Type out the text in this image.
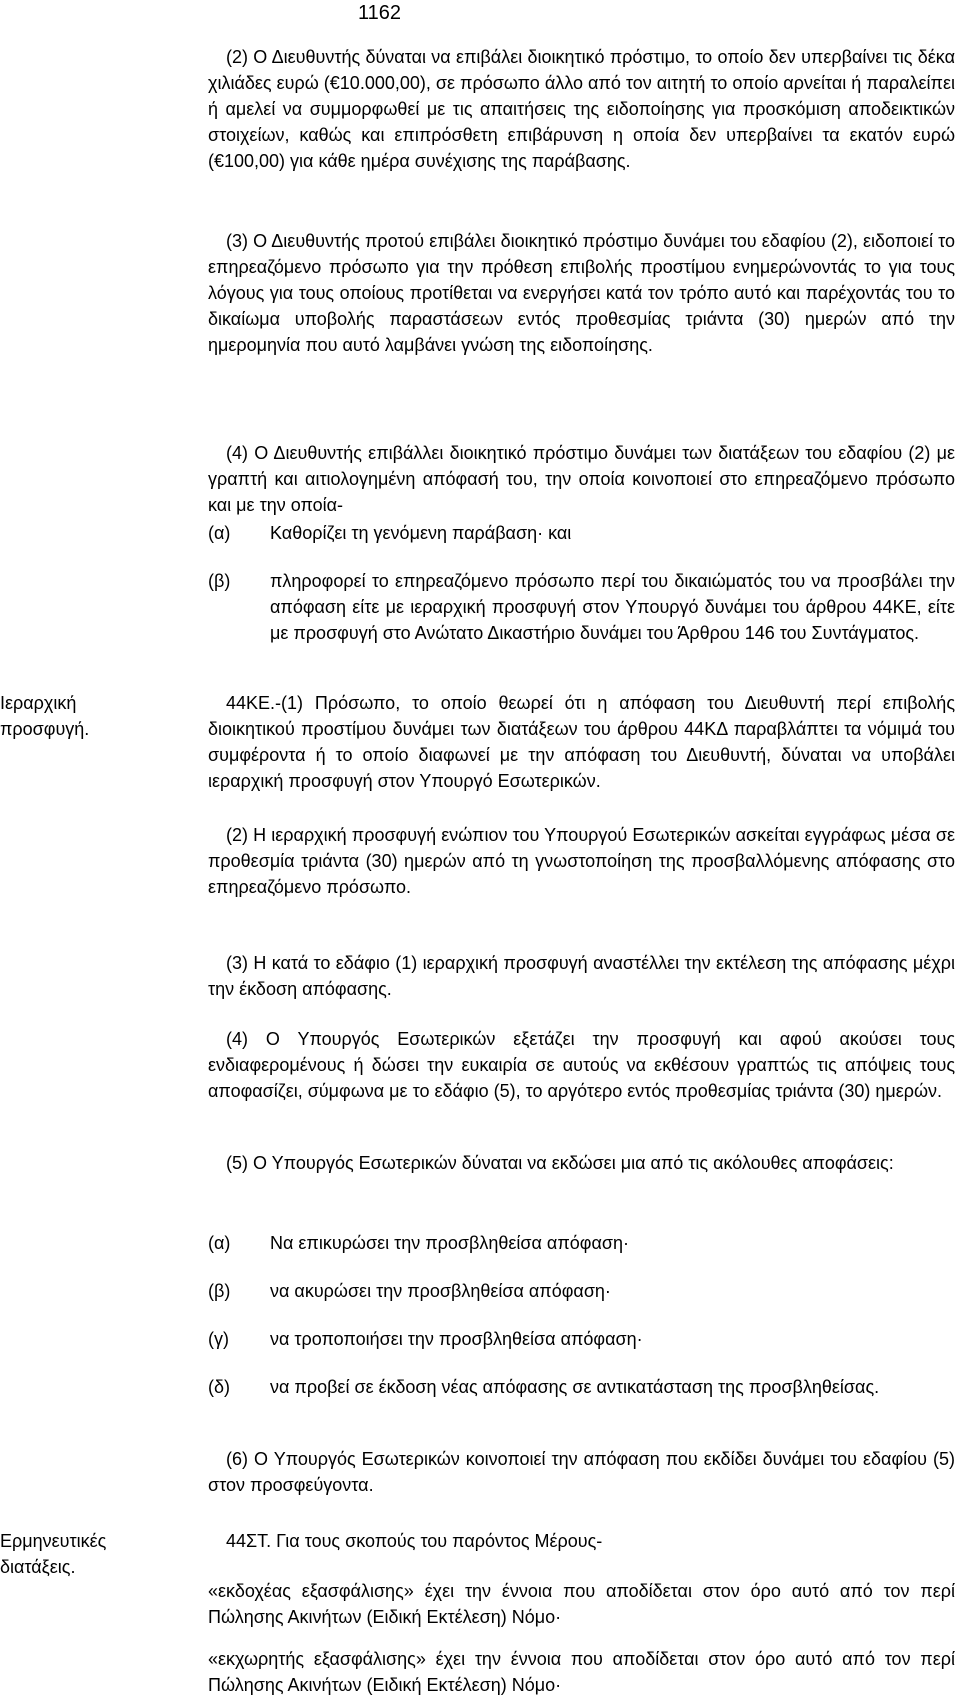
1162
(2) Ο Διευθυντής δύναται να επιβάλει διοικητικό πρόστιμο, το οποίο δεν υπερβαίνει τις δέκα χιλιάδες ευρώ (€10.000,00), σε πρόσωπο άλλο από τον αιτητή το οποίο αρνείται ή παραλείπει ή αμελεί να συμμορφωθεί με τις απαιτήσεις της ειδοποίησης για προσκόμιση αποδεικτικών στοιχείων, καθώς και επιπρόσθετη επιβάρυνση η οποία δεν υπερβαίνει τα εκατόν ευρώ (€100,00) για κάθε ημέρα συνέχισης της παράβασης.
(3) Ο Διευθυντής προτού επιβάλει διοικητικό πρόστιμο δυνάμει του εδαφίου (2), ειδοποιεί το επηρεαζόμενο πρόσωπο για την πρόθεση επιβολής προστίμου ενημερώνοντάς το για τους λόγους για τους οποίους προτίθεται να ενεργήσει κατά τον τρόπο αυτό και παρέχοντάς του το δικαίωμα υποβολής παραστάσεων εντός προθεσμίας τριάντα (30) ημερών από την ημερομηνία που αυτό λαμβάνει γνώση της ειδοποίησης.
(4) Ο Διευθυντής επιβάλλει διοικητικό πρόστιμο δυνάμει των διατάξεων του εδαφίου (2) με γραπτή και αιτιολογημένη απόφασή του, την οποία κοινοποιεί στο επηρεαζόμενο πρόσωπο και με την οποία-
(α)	Καθορίζει τη γενόμενη παράβαση· και
(β)	πληροφορεί το επηρεαζόμενο πρόσωπο περί του δικαιώματός του να προσβάλει την απόφαση είτε με ιεραρχική προσφυγή στον Υπουργό δυνάμει του άρθρου 44ΚΕ, είτε με προσφυγή στο Ανώτατο Δικαστήριο δυνάμει του Άρθρου 146 του Συντάγματος.
Ιεραρχική
προσφυγή.
44ΚΕ.-(1) Πρόσωπο, το οποίο θεωρεί ότι η απόφαση του Διευθυντή περί επιβολής διοικητικού προστίμου δυνάμει των διατάξεων του άρθρου 44ΚΔ παραβλάπτει τα νόμιμά του συμφέροντα ή το οποίο διαφωνεί με την απόφαση του Διευθυντή, δύναται να υποβάλει ιεραρχική προσφυγή στον Υπουργό Εσωτερικών.
(2) Η ιεραρχική προσφυγή ενώπιον του Υπουργού Εσωτερικών ασκείται εγγράφως μέσα σε προθεσμία τριάντα (30) ημερών από τη γνωστοποίηση της προσβαλλόμενης απόφασης στο επηρεαζόμενο πρόσωπο.
(3) Η κατά το εδάφιο (1) ιεραρχική προσφυγή αναστέλλει την εκτέλεση της απόφασης μέχρι την έκδοση απόφασης.
(4) Ο Υπουργός Εσωτερικών εξετάζει την προσφυγή και αφού ακούσει τους ενδιαφερομένους ή δώσει την ευκαιρία σε αυτούς να εκθέσουν γραπτώς τις απόψεις τους αποφασίζει, σύμφωνα με το εδάφιο (5), το αργότερο εντός προθεσμίας τριάντα (30) ημερών.
(5) Ο Υπουργός Εσωτερικών δύναται να εκδώσει μια από τις ακόλουθες αποφάσεις:
(α)	Να επικυρώσει την προσβληθείσα απόφαση·
(β)	να ακυρώσει την προσβληθείσα απόφαση·
(γ)	να τροποποιήσει την προσβληθείσα απόφαση·
(δ)	να προβεί σε έκδοση νέας απόφασης σε αντικατάσταση της προσβληθείσας.
(6) Ο Υπουργός Εσωτερικών κοινοποιεί την απόφαση που εκδίδει δυνάμει του εδαφίου (5) στον προσφεύγοντα.
Ερμηνευτικές
διατάξεις.
44ΣΤ. Για τους σκοπούς του παρόντος Μέρους-
«εκδοχέας εξασφάλισης» έχει την έννοια που αποδίδεται στον όρο αυτό από τον περί Πώλησης Ακινήτων (Ειδική Εκτέλεση) Νόμο·
«εκχωρητής εξασφάλισης» έχει την έννοια που αποδίδεται στον όρο αυτό από τον περί Πώλησης Ακινήτων (Ειδική Εκτέλεση) Νόμο·
